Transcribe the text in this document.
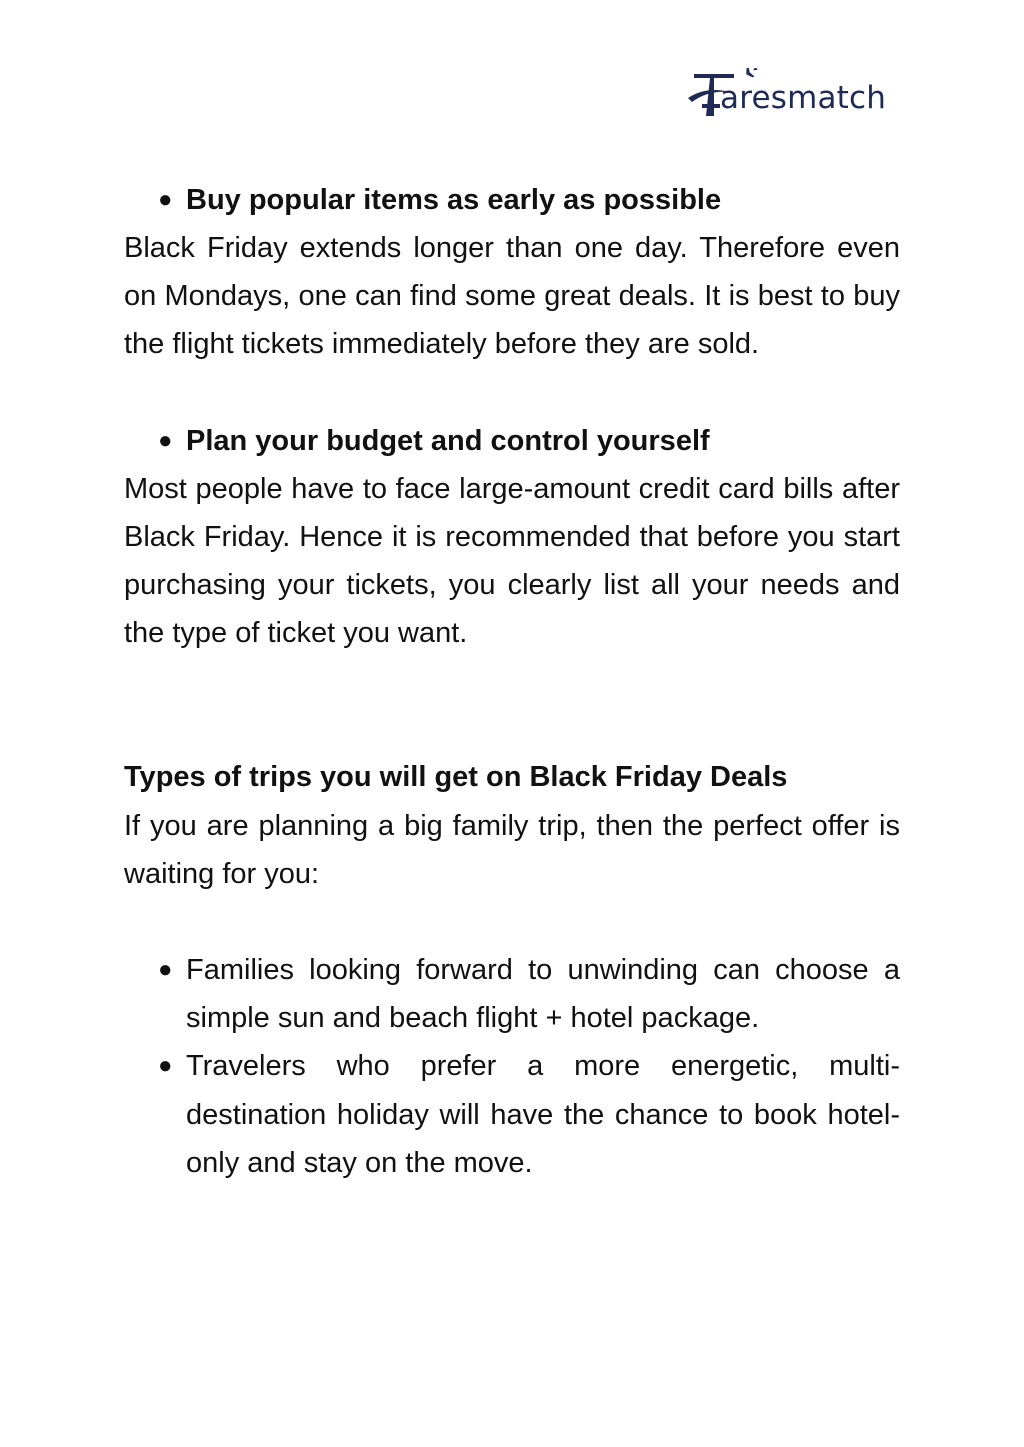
aresmatch
● Buy popular items as early as possible

Black Friday extends longer than one day. Therefore even on Mondays, one can find some great deals. It is best to buy the flight tickets immediately before they are sold.

● Plan your budget and control yourself

Most people have to face large-amount credit card bills after Black Friday. Hence it is recommended that before you start purchasing your tickets, you clearly list all your needs and the type of ticket you want.

Types of trips you will get on Black Friday Deals

If you are planning a big family trip, then the perfect offer is waiting for you:

● Families looking forward to unwinding can choose a simple sun and beach flight + hotel package.
● Travelers who prefer a more energetic, multi-destination holiday will have the chance to book hotel-only and stay on the move.
